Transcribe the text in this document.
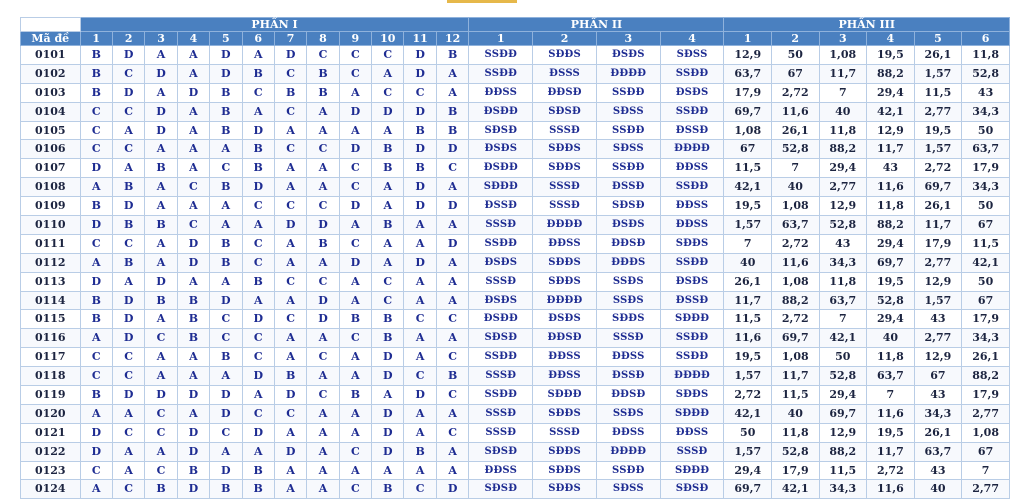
	PHẦN I												PHẦN II				PHẦN III					
Mã đề	1	2	3	4	5	6	7	8	9	10	11	12	1	2	3	4	1	2	3	4	5	6
0101	B	D	A	A	D	A	D	C	C	C	D	B	SSĐĐ	SĐĐS	ĐSĐS	SĐSS	12,9	50	1,08	19,5	26,1	11,8
0102	B	C	D	A	D	B	C	B	C	A	D	A	SSĐĐ	ĐSSS	ĐĐĐĐ	SSĐĐ	63,7	67	11,7	88,2	1,57	52,8
0103	B	D	A	D	B	C	B	B	A	C	C	A	ĐĐSS	ĐĐSĐ	SSĐĐ	ĐSĐS	17,9	2,72	7	29,4	11,5	43
0104	C	C	D	A	B	A	C	A	D	D	D	B	ĐSĐĐ	SĐSĐ	SĐSS	SSĐĐ	69,7	11,6	40	42,1	2,77	34,3
0105	C	A	D	A	B	D	A	A	A	A	B	B	SĐSĐ	SSSĐ	SSĐĐ	ĐSSĐ	1,08	26,1	11,8	12,9	19,5	50
0106	C	C	A	A	A	B	C	C	D	B	D	D	ĐSĐS	SĐĐS	SĐSS	ĐĐĐĐ	67	52,8	88,2	11,7	1,57	63,7
0107	D	A	B	A	C	B	A	A	C	B	B	C	ĐSĐĐ	SĐĐS	SSĐĐ	ĐĐSS	11,5	7	29,4	43	2,72	17,9
0108	A	B	A	C	B	D	A	A	C	A	D	A	SĐĐĐ	SSSĐ	ĐSSĐ	SSĐĐ	42,1	40	2,77	11,6	69,7	34,3
0109	B	D	A	A	A	C	C	C	D	A	D	D	ĐSSĐ	SSSĐ	SĐSĐ	ĐĐSS	19,5	1,08	12,9	11,8	26,1	50
0110	D	B	B	C	A	A	D	D	A	B	A	A	SSSĐ	ĐĐĐĐ	ĐSĐS	ĐĐSS	1,57	63,7	52,8	88,2	11,7	67
0111	C	C	A	D	B	C	A	B	C	A	A	D	SSĐĐ	ĐĐSS	ĐĐSĐ	SĐĐS	7	2,72	43	29,4	17,9	11,5
0112	A	B	A	D	B	C	A	A	D	A	D	A	ĐSĐS	SĐĐS	ĐĐĐS	SSĐĐ	40	11,6	34,3	69,7	2,77	42,1
0113	D	A	D	A	A	B	C	C	A	C	A	A	SSSĐ	SĐĐS	SSĐS	ĐSĐS	26,1	1,08	11,8	19,5	12,9	50
0114	B	D	B	B	D	A	A	D	A	C	A	A	ĐSĐS	ĐĐĐĐ	SSĐS	ĐSSĐ	11,7	88,2	63,7	52,8	1,57	67
0115	B	D	A	B	C	D	C	D	B	B	C	C	ĐSĐĐ	ĐSĐS	SĐĐS	SĐĐĐ	11,5	2,72	7	29,4	43	17,9
0116	A	D	C	B	C	C	A	A	C	B	A	A	SĐSĐ	ĐĐSĐ	SSSĐ	SSĐĐ	11,6	69,7	42,1	40	2,77	34,3
0117	C	C	A	A	B	C	A	C	A	D	A	C	SSĐĐ	ĐĐSS	ĐĐSS	SSĐĐ	19,5	1,08	50	11,8	12,9	26,1
0118	C	C	A	A	A	D	B	A	A	D	C	B	SSSĐ	ĐĐSS	ĐSSĐ	ĐĐĐĐ	1,57	11,7	52,8	63,7	67	88,2
0119	B	D	D	D	D	A	D	C	B	A	D	C	SSĐĐ	SĐĐĐ	ĐĐSĐ	SĐĐS	2,72	11,5	29,4	7	43	17,9
0120	A	A	C	A	D	C	C	A	A	D	A	A	SSSĐ	SĐĐS	SSĐS	SĐĐĐ	42,1	40	69,7	11,6	34,3	2,77
0121	D	C	C	D	C	D	A	A	A	D	A	C	SSSĐ	SSSĐ	ĐĐSS	ĐĐSS	50	11,8	12,9	19,5	26,1	1,08
0122	D	A	A	D	A	A	D	A	C	D	B	A	SĐSĐ	SĐĐS	ĐĐĐĐ	SSSĐ	1,57	52,8	88,2	11,7	63,7	67
0123	C	A	C	B	D	B	A	A	A	A	A	A	ĐĐSS	SĐĐS	SSĐĐ	SĐĐĐ	29,4	17,9	11,5	2,72	43	7
0124	A	C	B	D	B	B	A	A	C	B	C	D	SĐSĐ	SĐĐS	SĐSS	SĐSĐ	69,7	42,1	34,3	11,6	40	2,77
